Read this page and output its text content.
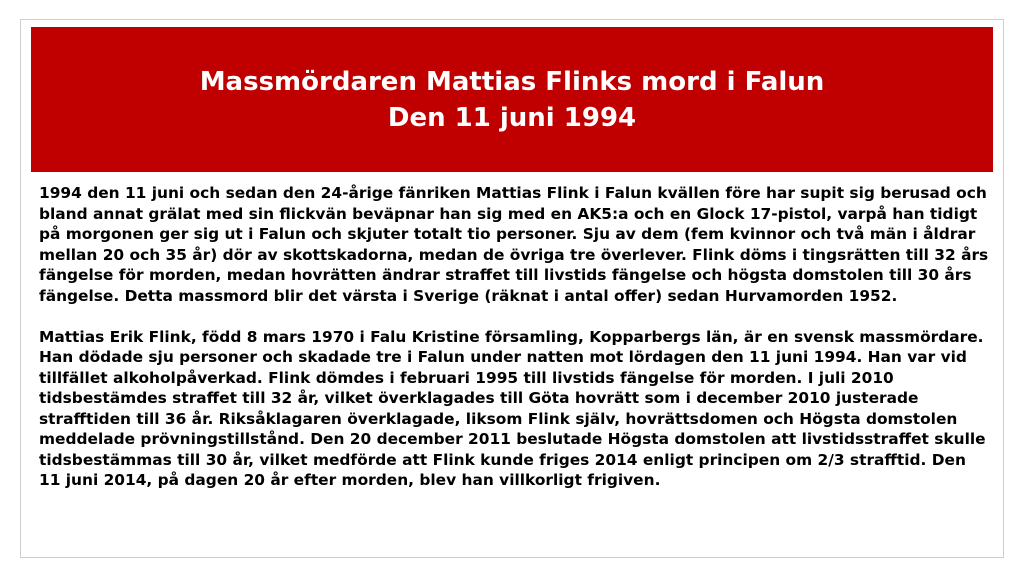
Massmördaren Mattias Flinks mord i Falun
Den 11 juni 1994

1994 den 11 juni och sedan den 24-årige fänriken Mattias Flink i Falun kvällen före har supit sig berusad och bland annat grälat med sin flickvän beväpnar han sig med en AK5:a och en Glock 17-pistol, varpå han tidigt på morgonen ger sig ut i Falun och skjuter totalt tio personer. Sju av dem (fem kvinnor och två män i åldrar mellan 20 och 35 år) dör av skottskadorna, medan de övriga tre överlever. Flink döms i tingsrätten till 32 års fängelse för morden, medan hovrätten ändrar straffet till livstids fängelse och högsta domstolen till 30 års fängelse. Detta massmord blir det värsta i Sverige (räknat i antal offer) sedan Hurvamorden 1952.

Mattias Erik Flink, född 8 mars 1970 i Falu Kristine församling, Kopparbergs län, är en svensk massmördare. Han dödade sju personer och skadade tre i Falun under natten mot lördagen den 11 juni 1994. Han var vid tillfället alkoholpåverkad. Flink dömdes i februari 1995 till livstids fängelse för morden. I juli 2010 tidsbestämdes straffet till 32 år, vilket överklagades till Göta hovrätt som i december 2010 justerade strafftiden till 36 år. Riksåklagaren överklagade, liksom Flink själv, hovrättsdomen och Högsta domstolen meddelade prövningstillstånd. Den 20 december 2011 beslutade Högsta domstolen att livstidsstraffet skulle tidsbestämmas till 30 år, vilket medförde att Flink kunde friges 2014 enligt principen om 2/3 strafftid. Den 11 juni 2014, på dagen 20 år efter morden, blev han villkorligt frigiven.
